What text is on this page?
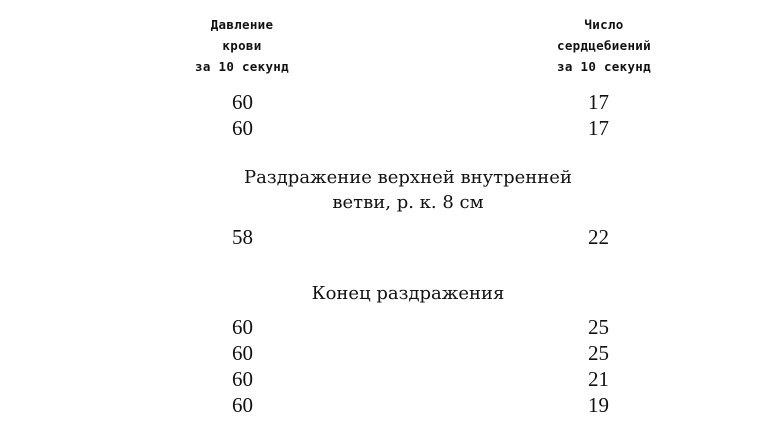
Давление
крови
за 10 секунд
Число
сердцебиений
за 10 секунд
60	17
60	17
Раздражение верхней внутренней
ветви, р. к. 8 см
58	22
Конец раздражения
60	25
60	25
60	21
60	19
